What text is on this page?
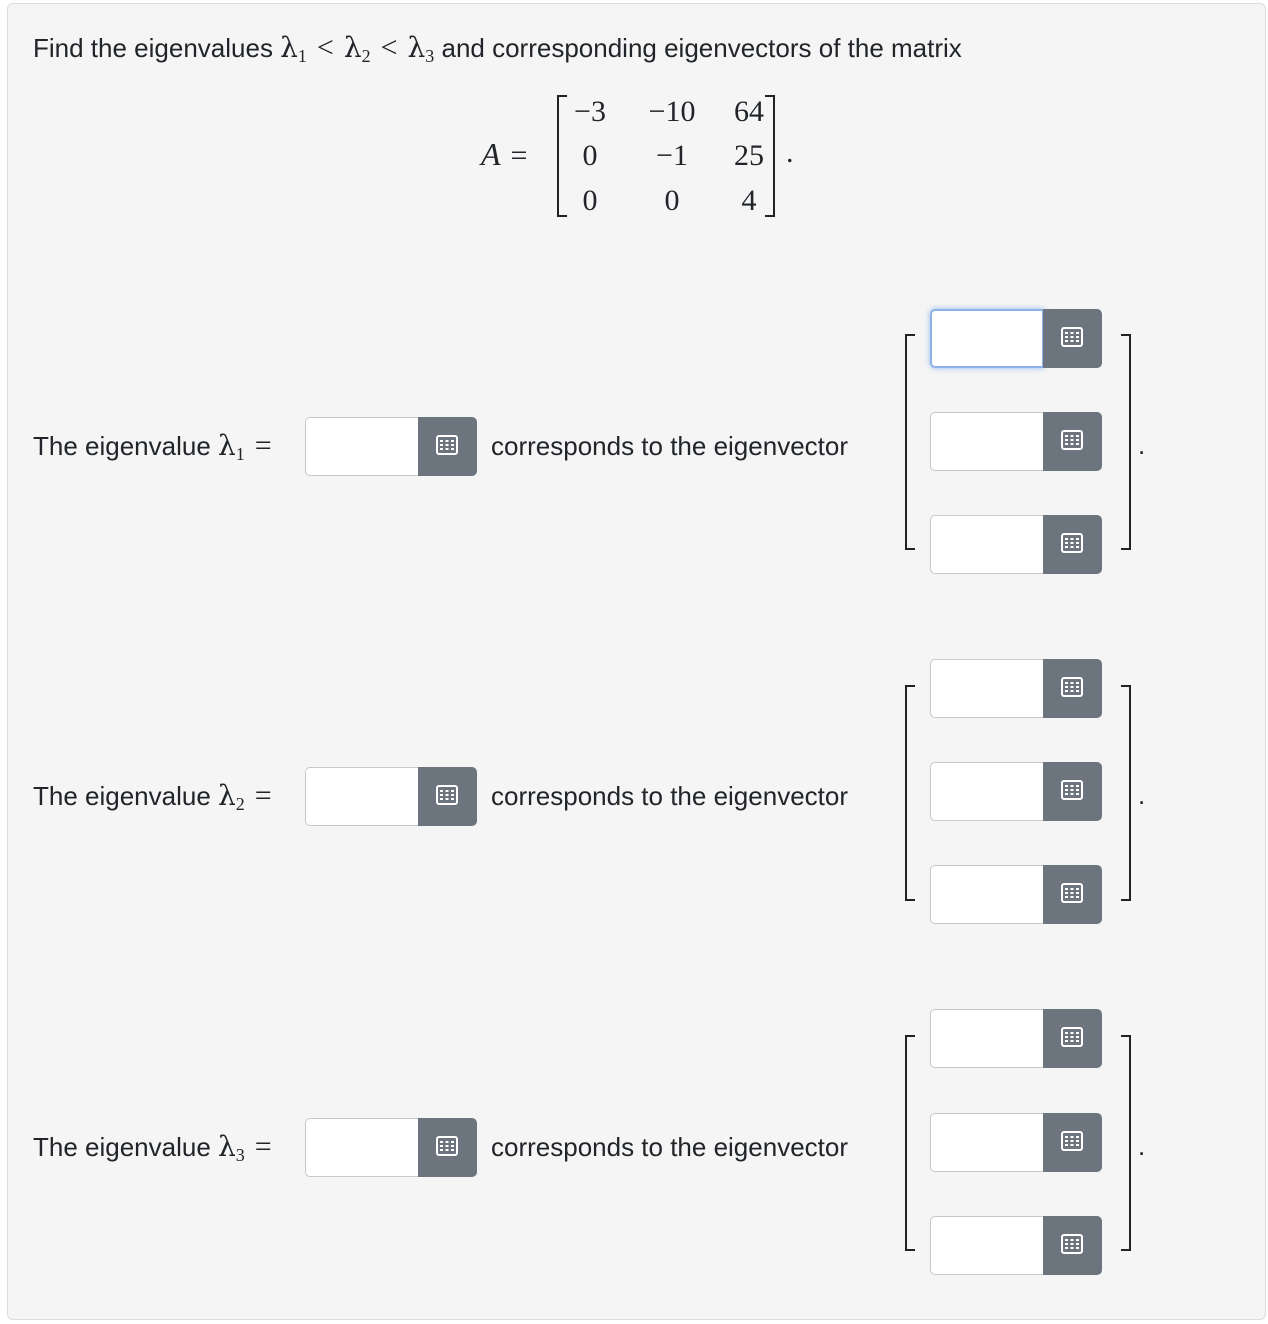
Find the eigenvalues $\lambda_1 < \lambda_2 < \lambda_3$ and corresponding eigenvectors of the matrix
A =
−3	−10	64
0	−1	25
0	0	4
.
The eigenvalue $\lambda_1$ =	corresponds to the eigenvector	.
The eigenvalue $\lambda_2$ =	corresponds to the eigenvector	.
The eigenvalue $\lambda_3$ =	corresponds to the eigenvector	.
